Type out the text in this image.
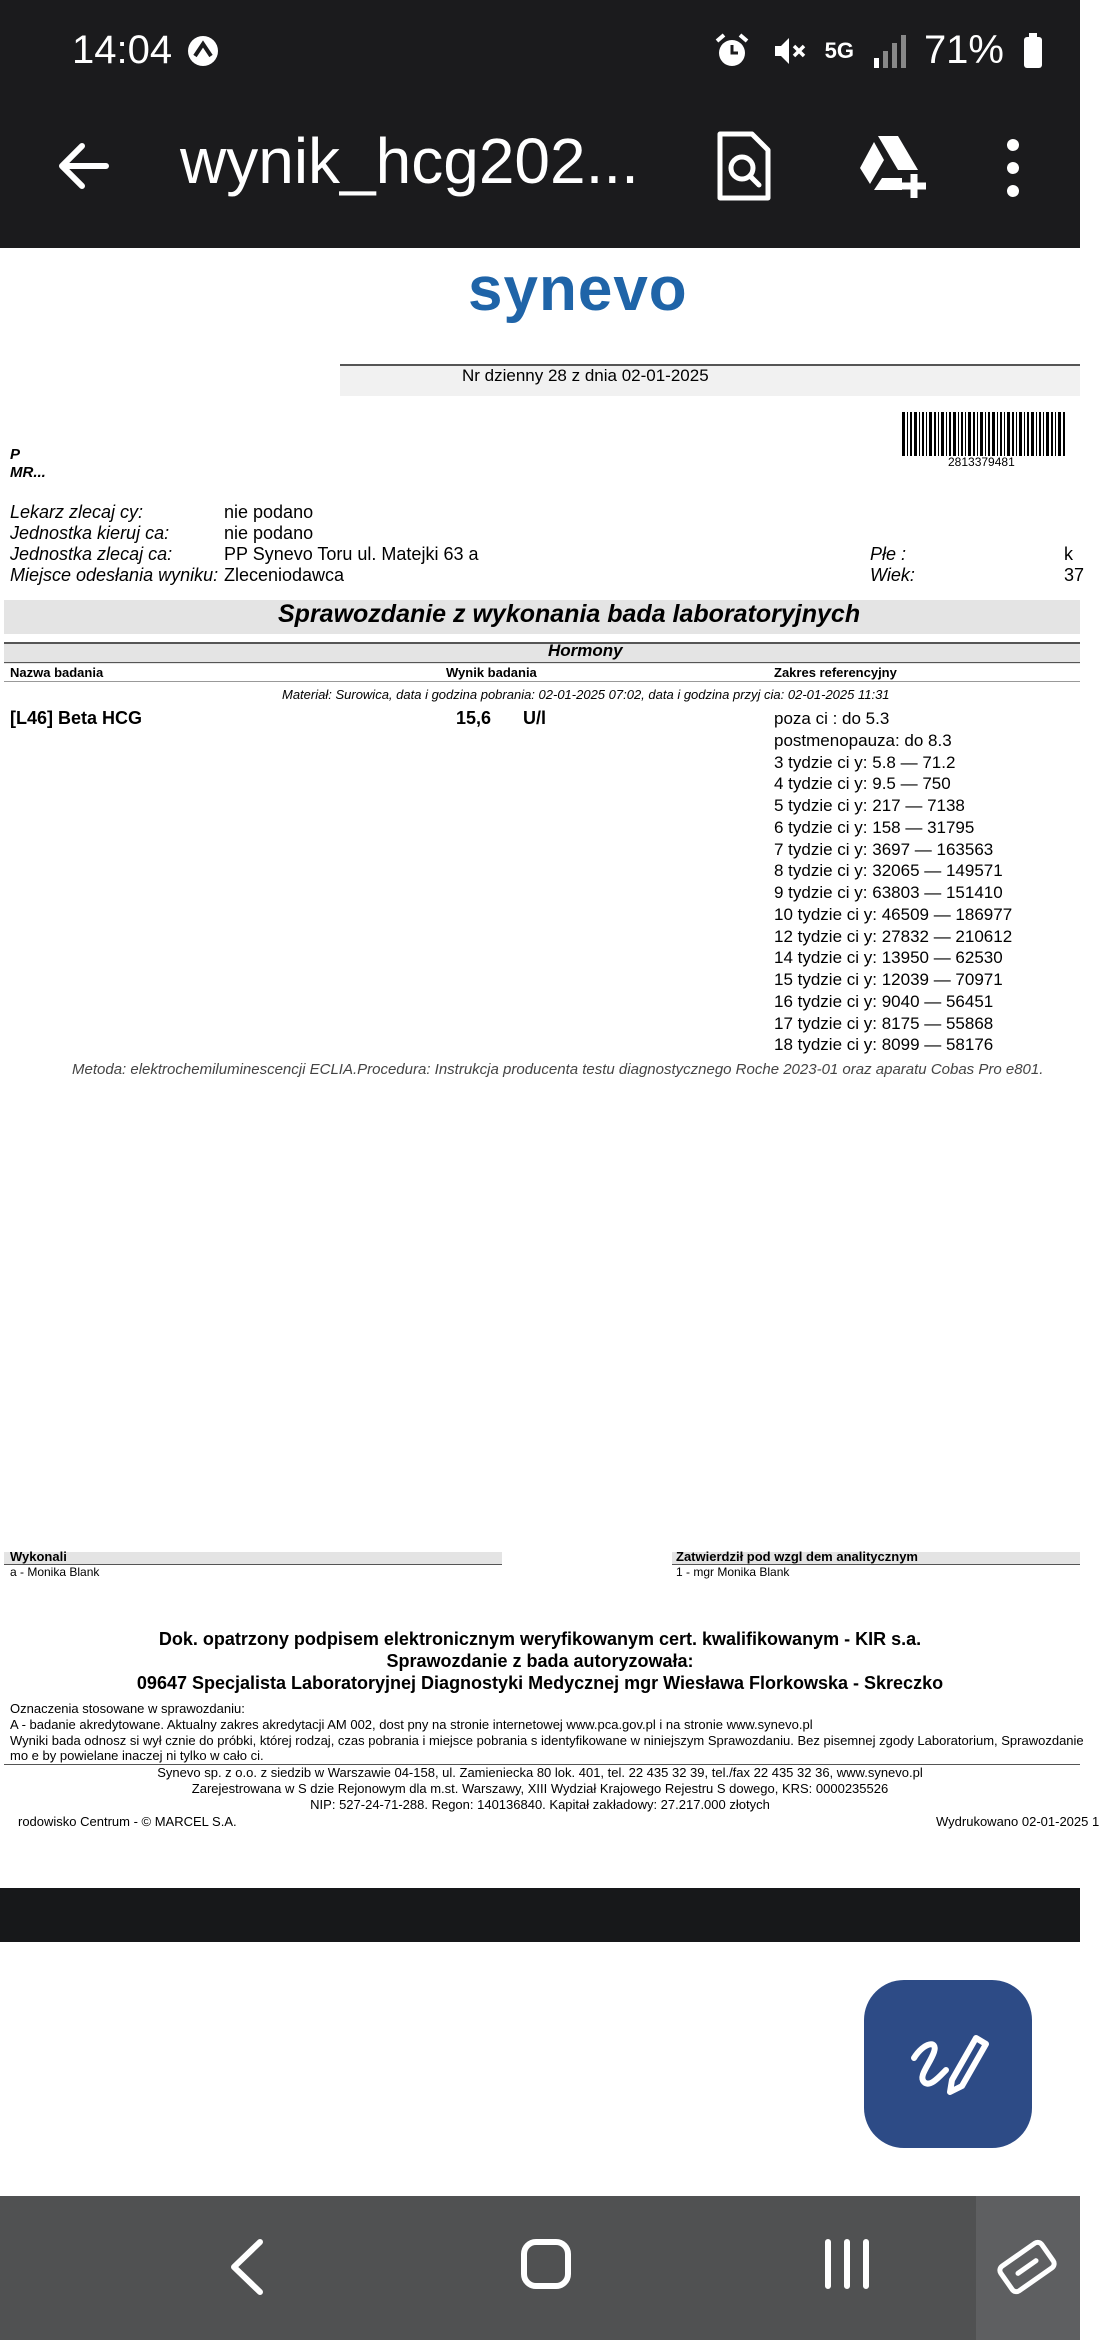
14:04	5G 71%
wynik_hcg202...
synevo
Nr dzienny 28 z dnia 02-01-2025
2813379481
P
MR...
Lekarz zlecaj cy:	nie podano
Jednostka kieruj ca:	nie podano
Jednostka zlecaj ca:	PP Synevo Toru ul. Matejki 63 a
Miejsce odesłania wyniku: Zleceniodawca
Płe :	k
Wiek:	37
Sprawozdanie z wykonania bada laboratoryjnych
Hormony
Nazwa badania	Wynik badania	Zakres referencyjny
Materiał: Surowica, data i godzina pobrania: 02-01-2025 07:02, data i godzina przyj cia: 02-01-2025 11:31
[L46] Beta HCG	15,6 U/l	poza ci : do 5.3
postmenopauza: do 8.3
3 tydzie ci y: 5.8 — 71.2
4 tydzie ci y: 9.5 — 750
5 tydzie ci y: 217 — 7138
6 tydzie ci y: 158 — 31795
7 tydzie ci y: 3697 — 163563
8 tydzie ci y: 32065 — 149571
9 tydzie ci y: 63803 — 151410
10 tydzie ci y: 46509 — 186977
12 tydzie ci y: 27832 — 210612
14 tydzie ci y: 13950 — 62530
15 tydzie ci y: 12039 — 70971
16 tydzie ci y: 9040 — 56451
17 tydzie ci y: 8175 — 55868
18 tydzie ci y: 8099 — 58176
Metoda: elektrochemiluminescencji ECLIA.Procedura: Instrukcja producenta testu diagnostycznego Roche 2023-01 oraz aparatu Cobas Pro e801.
Wykonali
a - Monika Blank
Zatwierdził pod wzgl dem analitycznym
1 - mgr Monika Blank
Dok. opatrzony podpisem elektronicznym weryfikowanym cert. kwalifikowanym - KIR s.a.
Sprawozdanie z bada autoryzowała:
09647 Specjalista Laboratoryjnej Diagnostyki Medycznej mgr Wiesława Florkowska - Skreczko
Oznaczenia stosowane w sprawozdaniu:
A - badanie akredytowane. Aktualny zakres akredytacji AM 002, dost pny na stronie internetowej www.pca.gov.pl i na stronie www.synevo.pl
Wyniki bada odnosz si wył cznie do próbki, której rodzaj, czas pobrania i miejsce pobrania s identyfikowane w niniejszym Sprawozdaniu. Bez pisemnej zgody Laboratorium, Sprawozdanie
mo e by powielane inaczej ni tylko w cało ci.
Synevo sp. z o.o. z siedzib w Warszawie 04-158, ul. Zamieniecka 80 lok. 401, tel. 22 435 32 39, tel./fax 22 435 32 36, www.synevo.pl
Zarejestrowana w S dzie Rejonowym dla m.st. Warszawy, XIII Wydział Krajowego Rejestru S dowego, KRS: 0000235526
NIP: 527-24-71-288. Regon: 140136840. Kapitał zakładowy: 27.217.000 złotych
rodowisko Centrum - © MARCEL S.A.	Wydrukowano 02-01-2025 1
